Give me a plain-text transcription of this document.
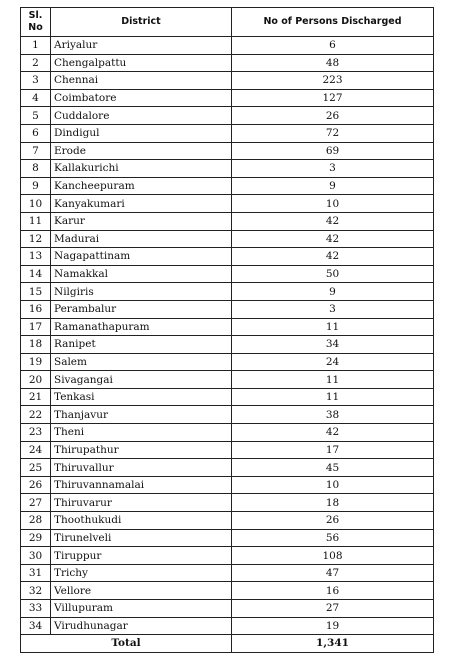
Sl.
No	District	No of Persons Discharged
1	Ariyalur	6
2	Chengalpattu	48
3	Chennai	223
4	Coimbatore	127
5	Cuddalore	26
6	Dindigul	72
7	Erode	69
8	Kallakurichi	3
9	Kancheepuram	9
10	Kanyakumari	10
11	Karur	42
12	Madurai	42
13	Nagapattinam	42
14	Namakkal	50
15	Nilgiris	9
16	Perambalur	3
17	Ramanathapuram	11
18	Ranipet	34
19	Salem	24
20	Sivagangai	11
21	Tenkasi	11
22	Thanjavur	38
23	Theni	42
24	Thirupathur	17
25	Thiruvallur	45
26	Thiruvannamalai	10
27	Thiruvarur	18
28	Thoothukudi	26
29	Tirunelveli	56
30	Tiruppur	108
31	Trichy	47
32	Vellore	16
33	Villupuram	27
34	Virudhunagar	19
Total		1,341
